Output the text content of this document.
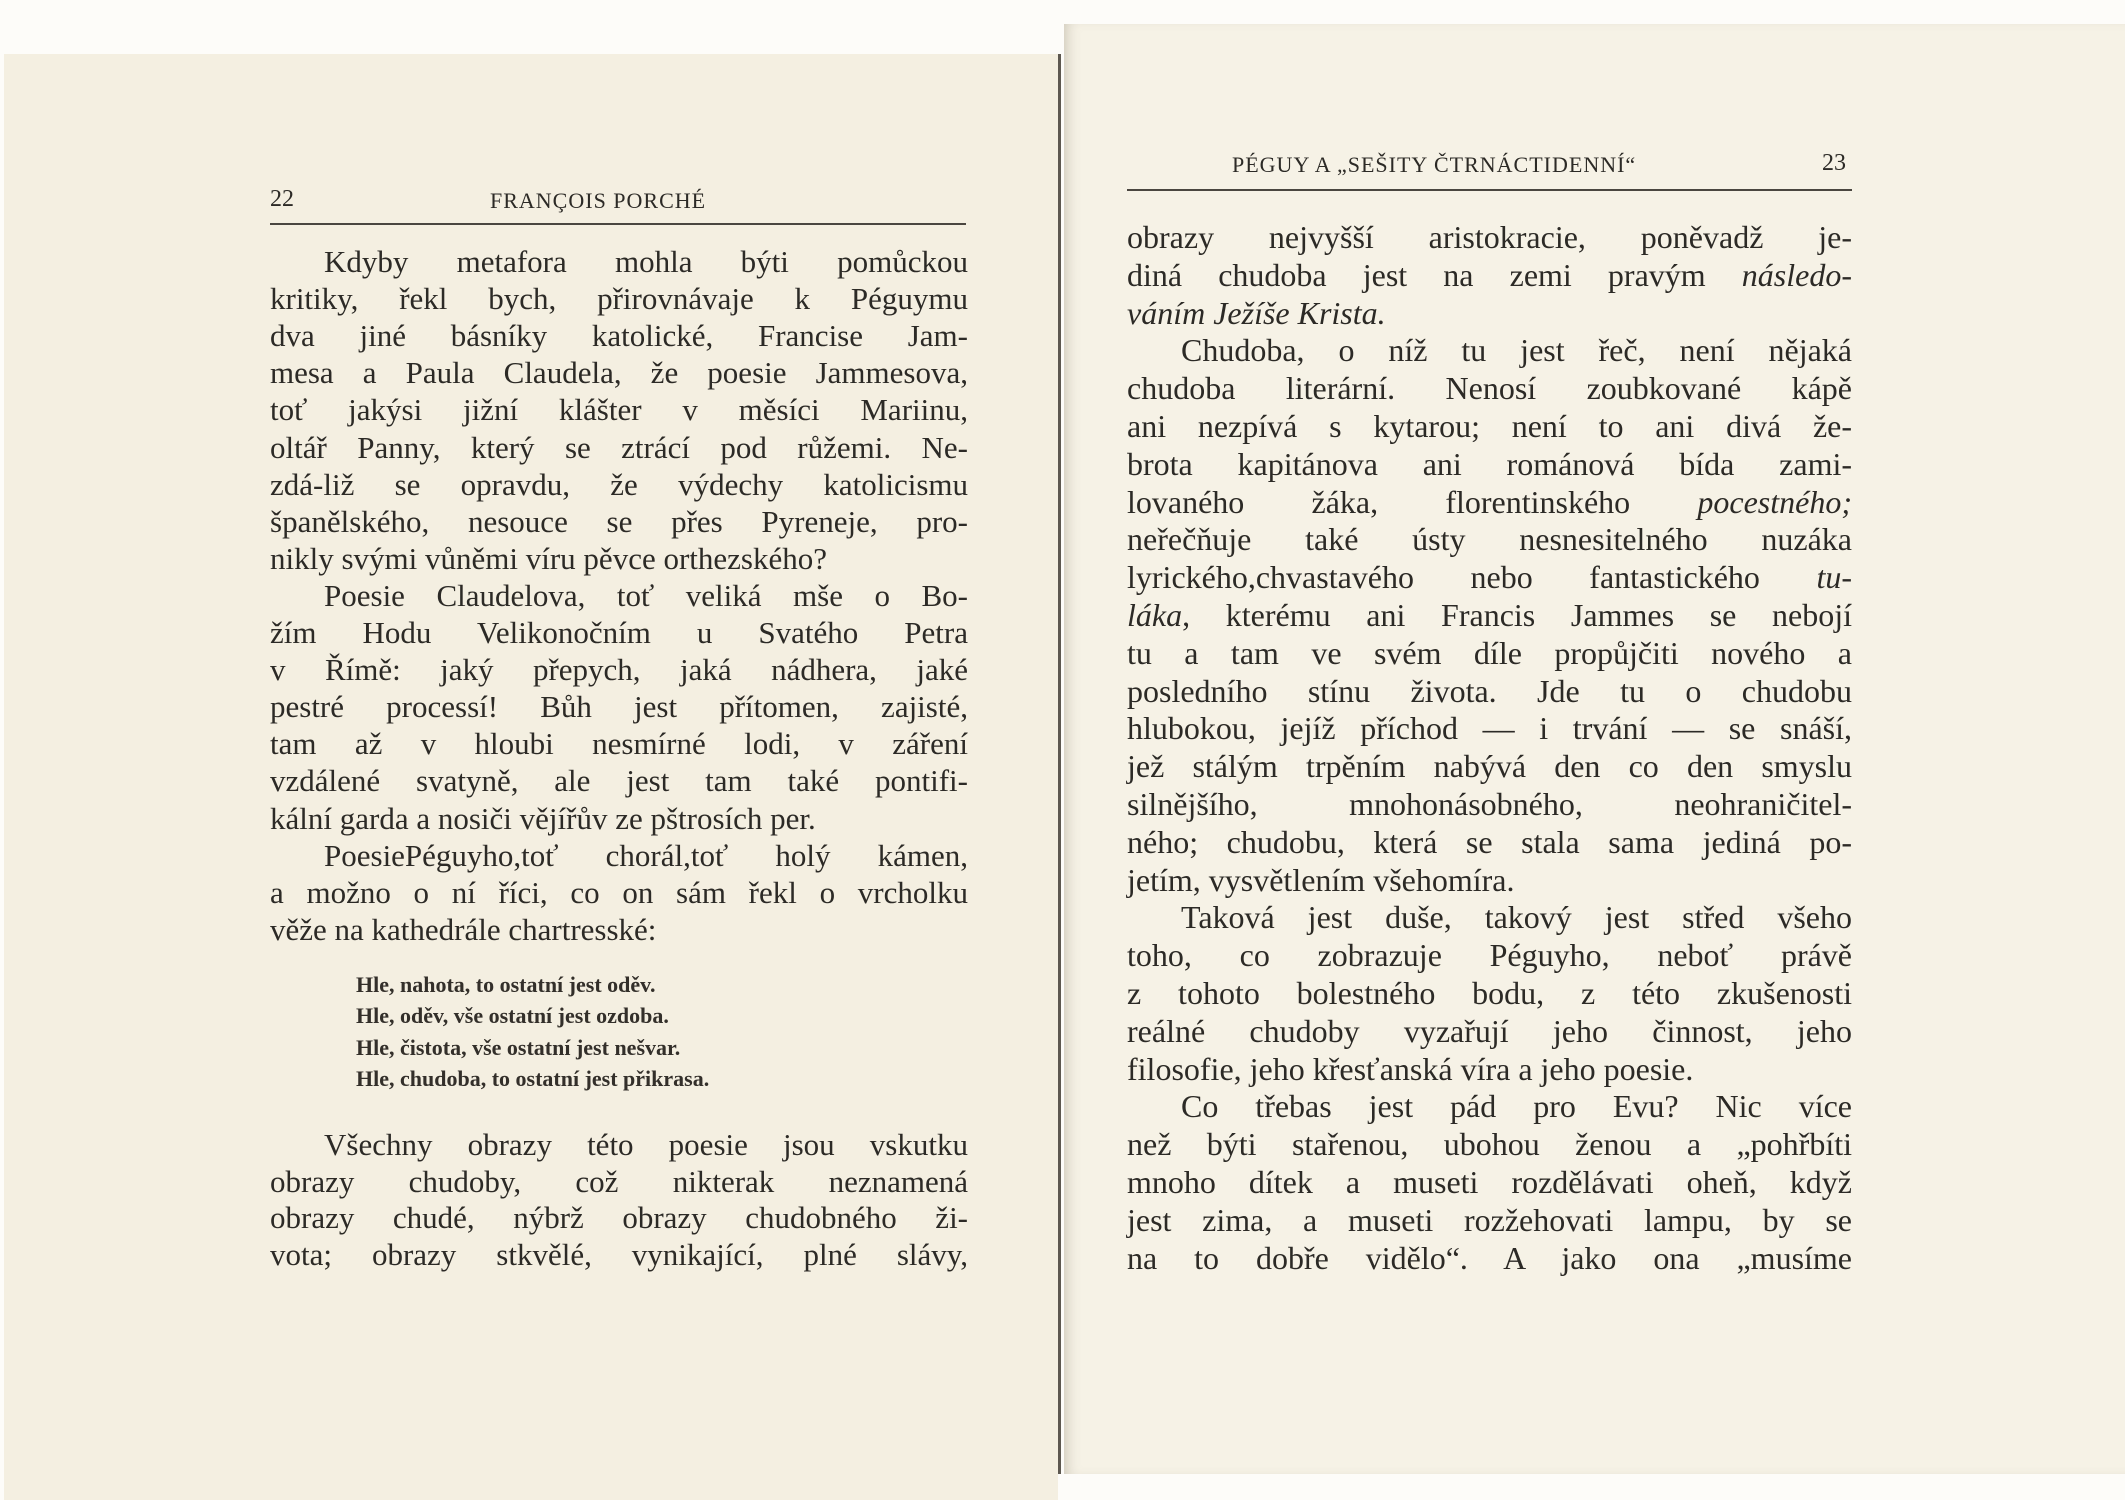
22	FRANÇOIS PORCHÉ
PÉGUY A „SEŠITY ČTRNÁCTIDENNÍ“	23
Kdyby metafora mohla býti pomůckou
kritiky, řekl bych, přirovnávaje k Péguymu
dva jiné básníky katolické, Francise Jam-
mesa a Paula Claudela, že poesie Jammesova,
toť jakýsi jižní klášter v měsíci Mariinu,
oltář Panny, který se ztrácí pod růžemi. Ne-
zdá-liž se opravdu, že výdechy katolicismu
španělského, nesouce se přes Pyreneje, pro-
nikly svými vůněmi víru pěvce orthezského?
Poesie Claudelova, toť veliká mše o Bo-
žím Hodu Velikonočním u Svatého Petra
v Římě: jaký přepych, jaká nádhera, jaké
pestré processí! Bůh jest přítomen, zajisté,
tam až v hloubi nesmírné lodi, v záření
vzdálené svatyně, ale jest tam také pontifi-
kální garda a nosiči vějířův ze pštrosích per.
PoesiePéguyho,toť chorál,toť holý kámen,
a možno o ní říci, co on sám řekl o vrcholku
věže na kathedrále chartresské:
Hle, nahota, to ostatní jest oděv.
Hle, oděv, vše ostatní jest ozdoba.
Hle, čistota, vše ostatní jest nešvar.
Hle, chudoba, to ostatní jest přikrasa.
Všechny obrazy této poesie jsou vskutku
obrazy chudoby, což nikterak neznamená
obrazy chudé, nýbrž obrazy chudobného ži-
vota; obrazy stkvělé, vynikající, plné slávy,
obrazy nejvyšší aristokracie, poněvadž je-
diná chudoba jest na zemi pravým následo-
váním Ježíše Krista.
Chudoba, o níž tu jest řeč, není nějaká
chudoba literární. Nenosí zoubkované kápě
ani nezpívá s kytarou; není to ani divá že-
brota kapitánova ani románová bída zami-
lovaného žáka, florentinského pocestného;
neřečňuje také ústy nesnesitelného nuzáka
lyrického,chvastavého nebo fantastického tu-
láka, kterému ani Francis Jammes se nebojí
tu a tam ve svém díle propůjčiti nového a
posledního stínu života. Jde tu o chudobu
hlubokou, jejíž příchod — i trvání — se snáší,
jež stálým trpěním nabývá den co den smyslu
silnějšího, mnohonásobného, neohraničitel-
ného; chudobu, která se stala sama jediná po-
jetím, vysvětlením všehomíra.
Taková jest duše, takový jest střed všeho
toho, co zobrazuje Péguyho, neboť právě
z tohoto bolestného bodu, z této zkušenosti
reálné chudoby vyzařují jeho činnost, jeho
filosofie, jeho křesťanská víra a jeho poesie.
Co třebas jest pád pro Evu? Nic více
než býti stařenou, ubohou ženou a „pohřbíti
mnoho dítek a museti rozdělávati oheň, když
jest zima, a museti rozžehovati lampu, by se
na to dobře vidělo“. A jako ona „musíme
